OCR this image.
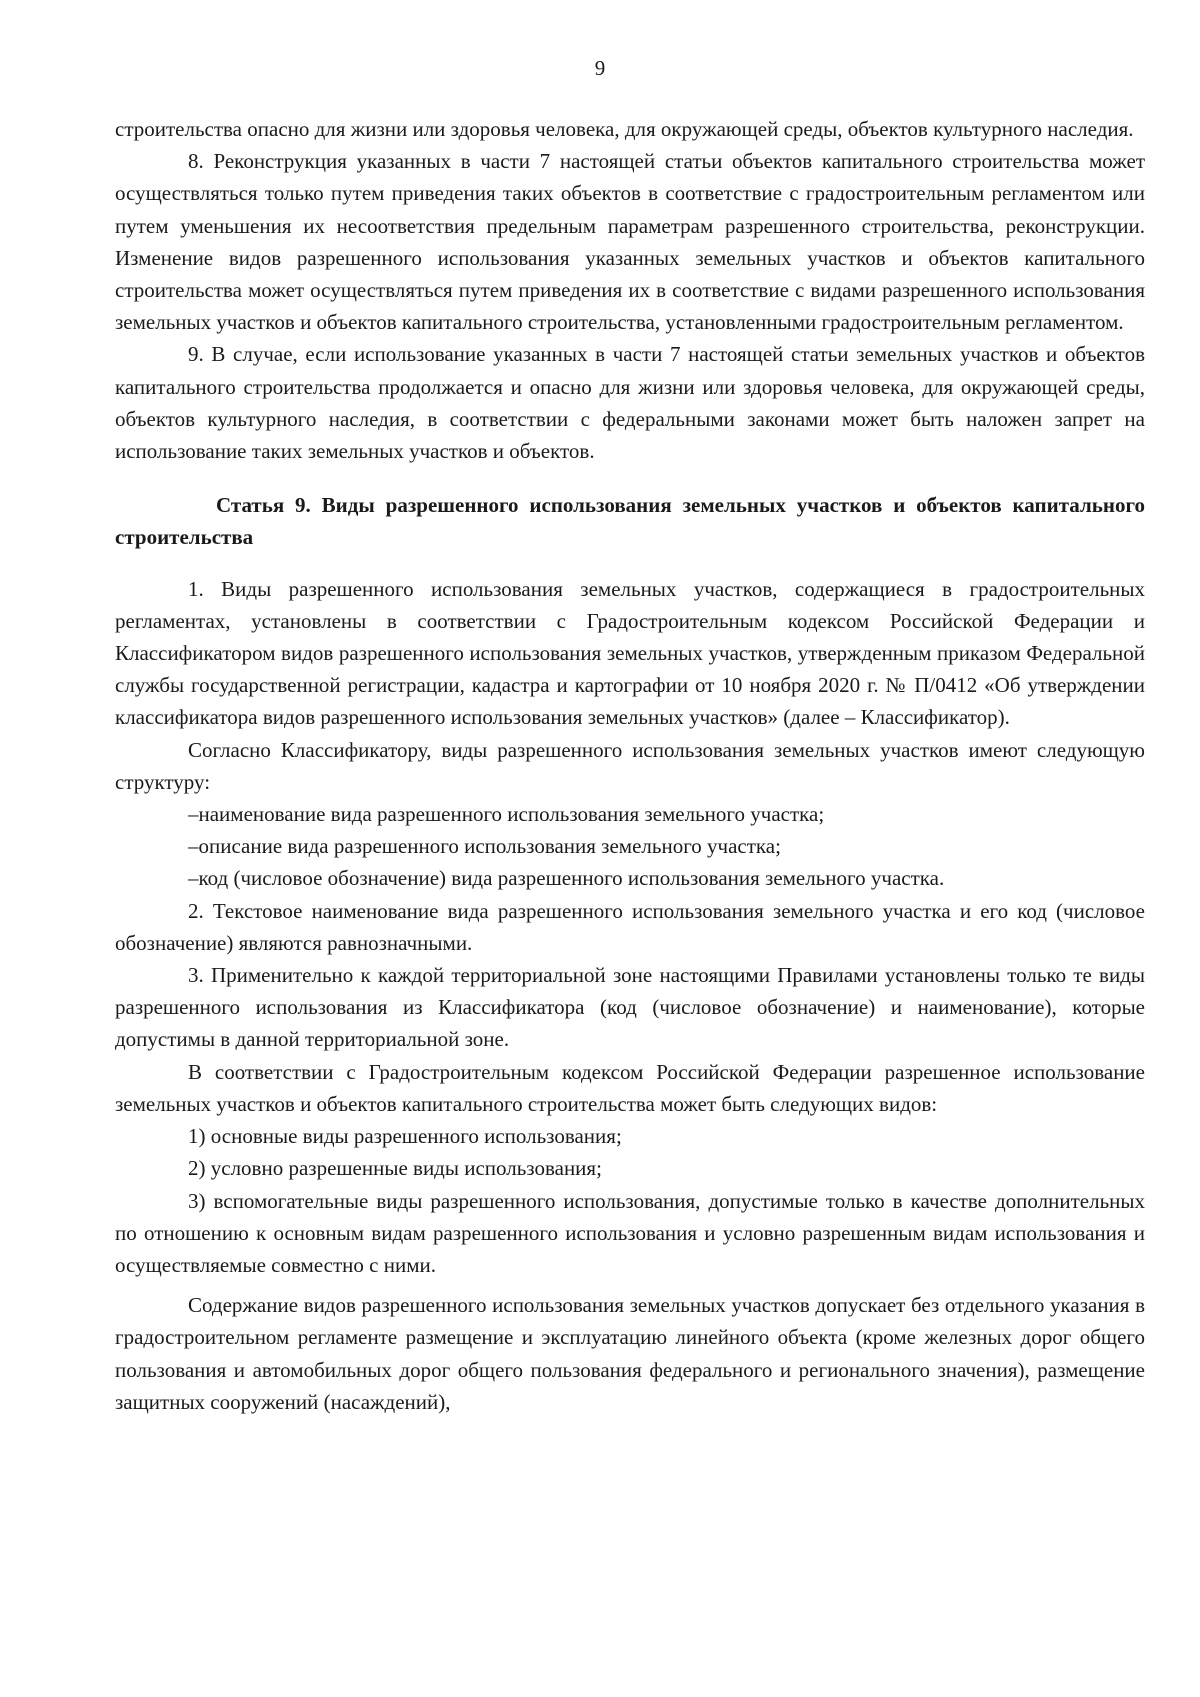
9

строительства опасно для жизни или здоровья человека, для окружающей среды, объектов культурного наследия.

8. Реконструкция указанных в части 7 настоящей статьи объектов капитального строительства может осуществляться только путем приведения таких объектов в соответствие с градостроительным регламентом или путем уменьшения их несоответствия предельным параметрам разрешенного строительства, реконструкции. Изменение видов разрешенного использования указанных земельных участков и объектов капитального строительства может осуществляться путем приведения их в соответствие с видами разрешенного использования земельных участков и объектов капитального строительства, установленными градостроительным регламентом.

9. В случае, если использование указанных в части 7 настоящей статьи земельных участков и объектов капитального строительства продолжается и опасно для жизни или здоровья человека, для окружающей среды, объектов культурного наследия, в соответствии с федеральными законами может быть наложен запрет на использование таких земельных участков и объектов.

Статья 9. Виды разрешенного использования земельных участков и объектов капитального строительства

1. Виды разрешенного использования земельных участков, содержащиеся в градостроительных регламентах, установлены в соответствии с Градостроительным кодексом Российской Федерации и Классификатором видов разрешенного использования земельных участков, утвержденным приказом Федеральной службы государственной регистрации, кадастра и картографии от 10 ноября 2020 г. № П/0412 «Об утверждении классификатора видов разрешенного использования земельных участков» (далее – Классификатор).

Согласно Классификатору, виды разрешенного использования земельных участков имеют следующую структуру:

–наименование вида разрешенного использования земельного участка;

–описание вида разрешенного использования земельного участка;

–код (числовое обозначение) вида разрешенного использования земельного участка.

2. Текстовое наименование вида разрешенного использования земельного участка и его код (числовое обозначение) являются равнозначными.

3. Применительно к каждой территориальной зоне настоящими Правилами установлены только те виды разрешенного использования из Классификатора (код (числовое обозначение) и наименование), которые допустимы в данной территориальной зоне.

В соответствии с Градостроительным кодексом Российской Федерации разрешенное использование земельных участков и объектов капитального строительства может быть следующих видов:

1) основные виды разрешенного использования;

2) условно разрешенные виды использования;

3) вспомогательные виды разрешенного использования, допустимые только в качестве дополнительных по отношению к основным видам разрешенного использования и условно разрешенным видам использования и осуществляемые совместно с ними.

Содержание видов разрешенного использования земельных участков допускает без отдельного указания в градостроительном регламенте размещение и эксплуатацию линейного объекта (кроме железных дорог общего пользования и автомобильных дорог общего пользования федерального и регионального значения), размещение защитных сооружений (насаждений),
